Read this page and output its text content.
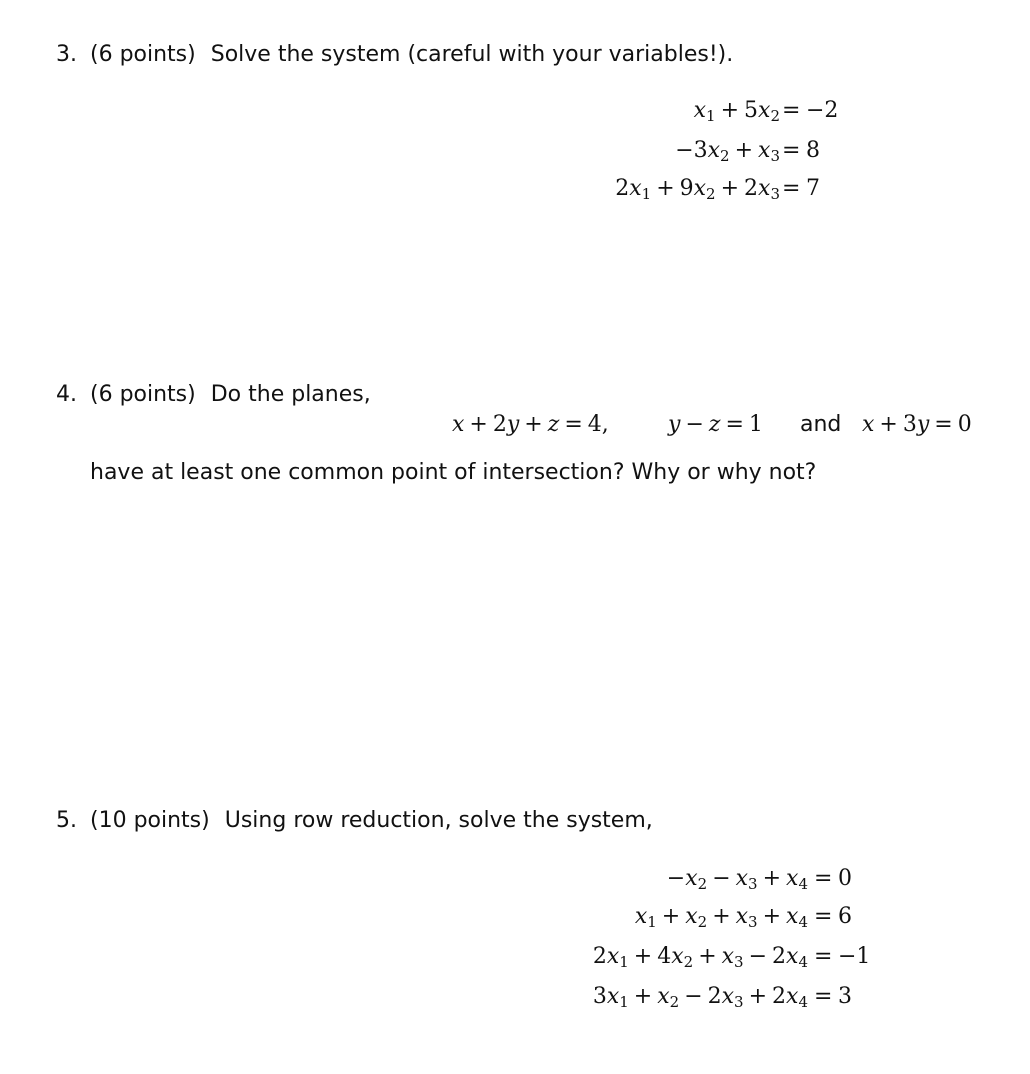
3. (6 points) Solve the system (careful with your variables!).
$x_1 + 5x_2 = -2$
$-3x_2 + x_3 = 8$
$2x_1 + 9x_2 + 2x_3 = 7$
4. (6 points) Do the planes,
x + 2y + z = 4,	y − z = 1 and x + 3y = 0
have at least one common point of intersection? Why or why not?
5. (10 points) Using row reduction, solve the system,
$-x_2 - x_3 + x_4 = 0$
$x_1 + x_2 + x_3 + x_4 = 6$
$2x_1 + 4x_2 + x_3 - 2x_4 = -1$
$3x_1 + x_2 - 2x_3 + 2x_4 = 3$
